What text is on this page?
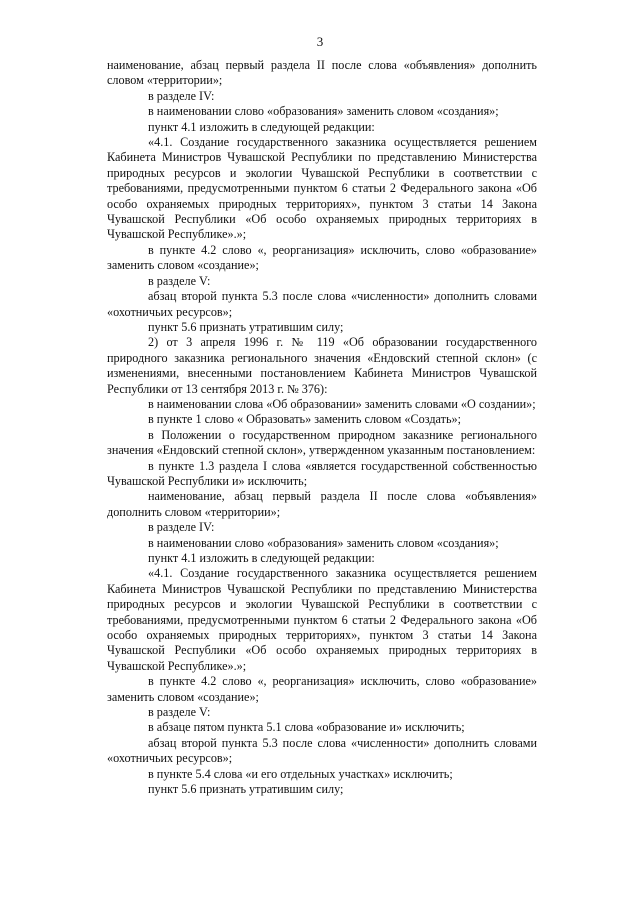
3

наименование, абзац первый раздела II после слова «объявления» дополнить словом «территории»;

в разделе IV:

в наименовании слово «образования» заменить словом «создания»;

пункт 4.1 изложить в следующей редакции:

«4.1. Создание государственного заказника осуществляется решением Кабинета Министров Чувашской Республики по представлению Министерства природных ресурсов и экологии Чувашской Республики в соответствии с требованиями, предусмотренными пунктом 6 статьи 2 Федерального закона «Об особо охраняемых природных территориях», пунктом 3 статьи 14 Закона Чувашской Республики «Об особо охраняемых природных территориях в Чувашской Республике».»;

в пункте 4.2 слово «, реорганизация» исключить, слово «образование» заменить словом «создание»;

в разделе V:

абзац второй пункта 5.3 после слова «численности» дополнить словами «охотничьих ресурсов»;

пункт 5.6 признать утратившим силу;

2) от 3 апреля 1996 г. № 119 «Об образовании государственного природного заказника регионального значения «Ендовский степной склон» (с изменениями, внесенными постановлением Кабинета Министров Чувашской Республики от 13 сентября 2013 г. № 376):

в наименовании слова «Об образовании» заменить словами «О создании»;

в пункте 1 слово « Образовать» заменить словом «Создать»;

в Положении о государственном природном заказнике регионального значения «Ендовский степной склон», утвержденном указанным постановлением:

в пункте 1.3 раздела I слова «является государственной собственностью Чувашской Республики и» исключить;

наименование, абзац первый раздела II после слова «объявления» дополнить словом «территории»;

в разделе IV:

в наименовании слово «образования» заменить словом «создания»;

пункт 4.1 изложить в следующей редакции:

«4.1. Создание государственного заказника осуществляется решением Кабинета Министров Чувашской Республики по представлению Министерства природных ресурсов и экологии Чувашской Республики в соответствии с требованиями, предусмотренными пунктом 6 статьи 2 Федерального закона «Об особо охраняемых природных территориях», пунктом 3 статьи 14 Закона Чувашской Республики «Об особо охраняемых природных территориях в Чувашской Республике».»;

в пункте 4.2 слово «, реорганизация» исключить, слово «образование» заменить словом «создание»;

в разделе V:

в абзаце пятом пункта 5.1 слова «образование и» исключить;

абзац второй пункта 5.3 после слова «численности» дополнить словами «охотничьих ресурсов»;

в пункте 5.4 слова «и его отдельных участках» исключить;

пункт 5.6 признать утратившим силу;
